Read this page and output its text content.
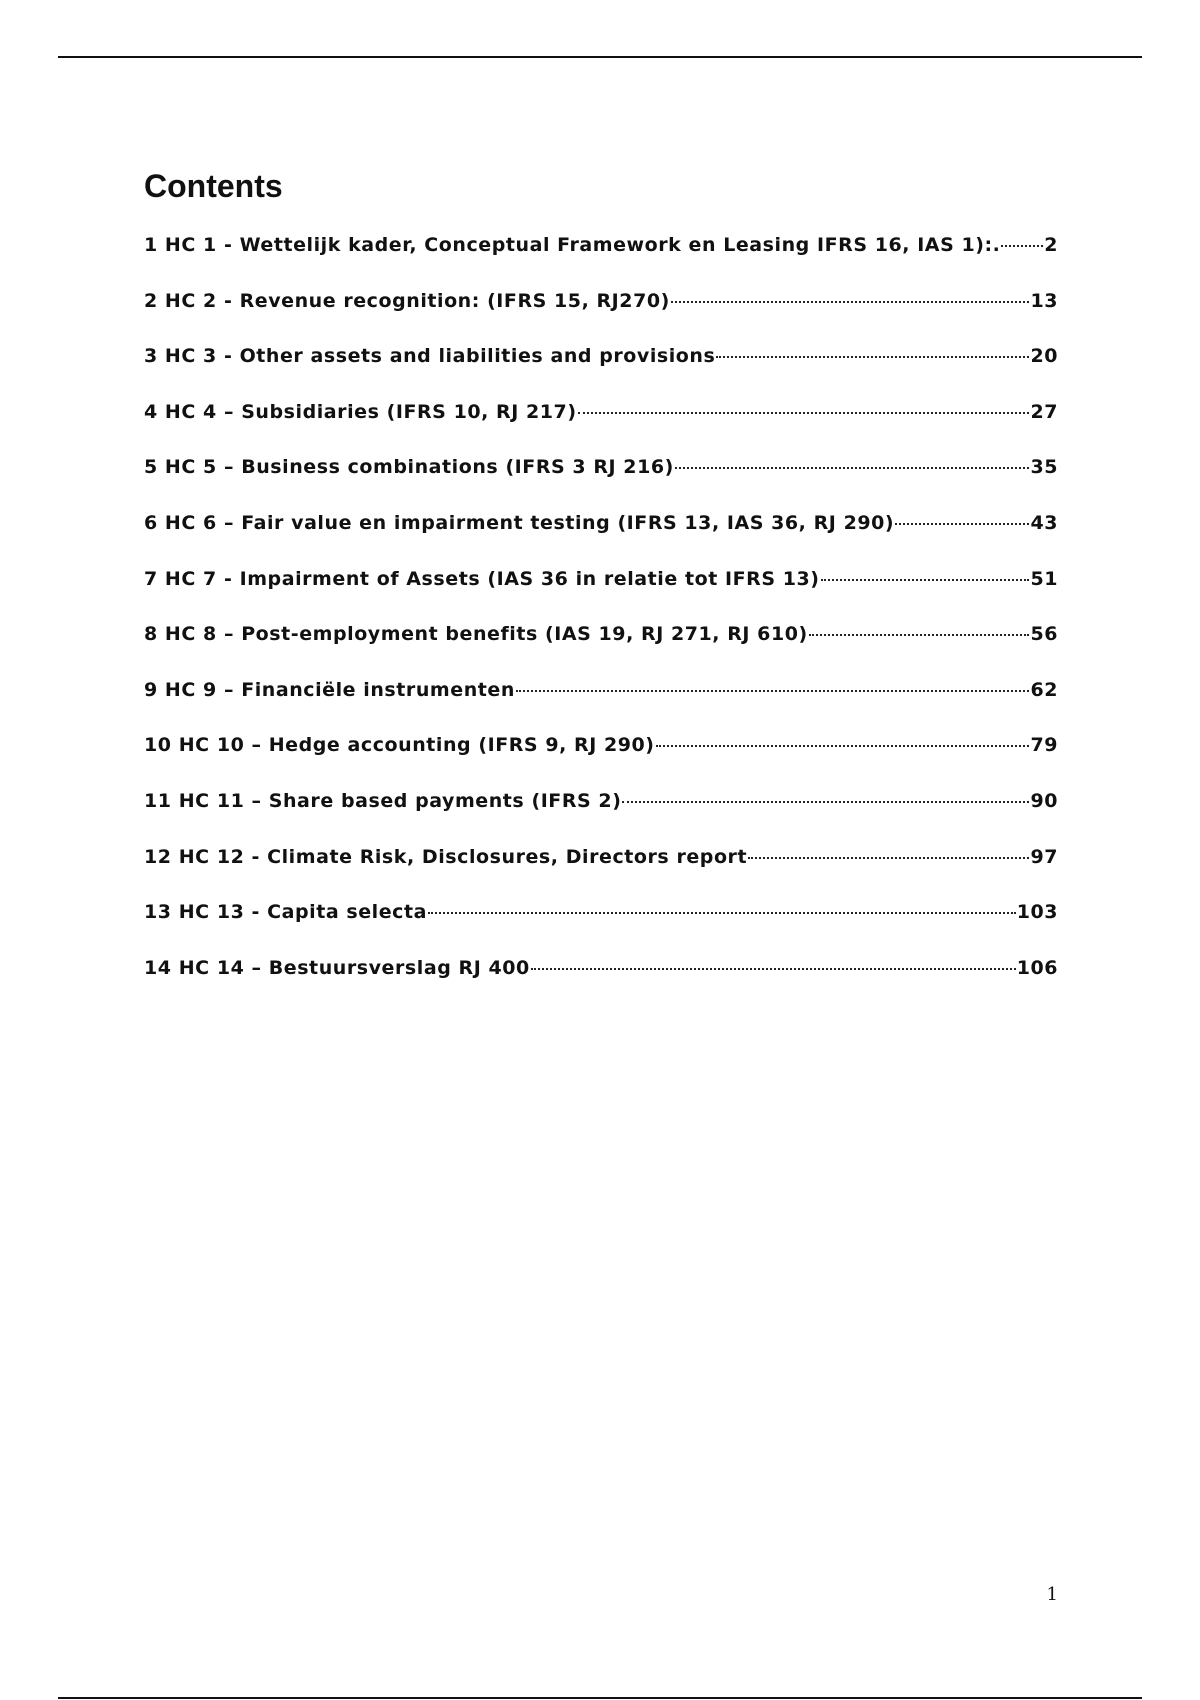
Contents
1 HC 1 - Wettelijk kader, Conceptual Framework en Leasing IFRS 16, IAS 1):. 2
2 HC 2 - Revenue recognition: (IFRS 15, RJ270)	13
3 HC 3 - Other assets and liabilities and provisions	20
4 HC 4 – Subsidiaries (IFRS 10, RJ 217)	27
5 HC 5 – Business combinations (IFRS 3 RJ 216)	35
6 HC 6 – Fair value en impairment testing (IFRS 13, IAS 36, RJ 290)	43
7 HC 7 - Impairment of Assets (IAS 36 in relatie tot IFRS 13)	51
8 HC 8 – Post-employment benefits (IAS 19, RJ 271, RJ 610)	56
9 HC 9 – Financiële instrumenten	62
10 HC 10 – Hedge accounting (IFRS 9, RJ 290)	79
11 HC 11 – Share based payments (IFRS 2)	90
12 HC 12 - Climate Risk, Disclosures, Directors report	97
13 HC 13 - Capita selecta	103
14 HC 14 – Bestuursverslag RJ 400	106
1
